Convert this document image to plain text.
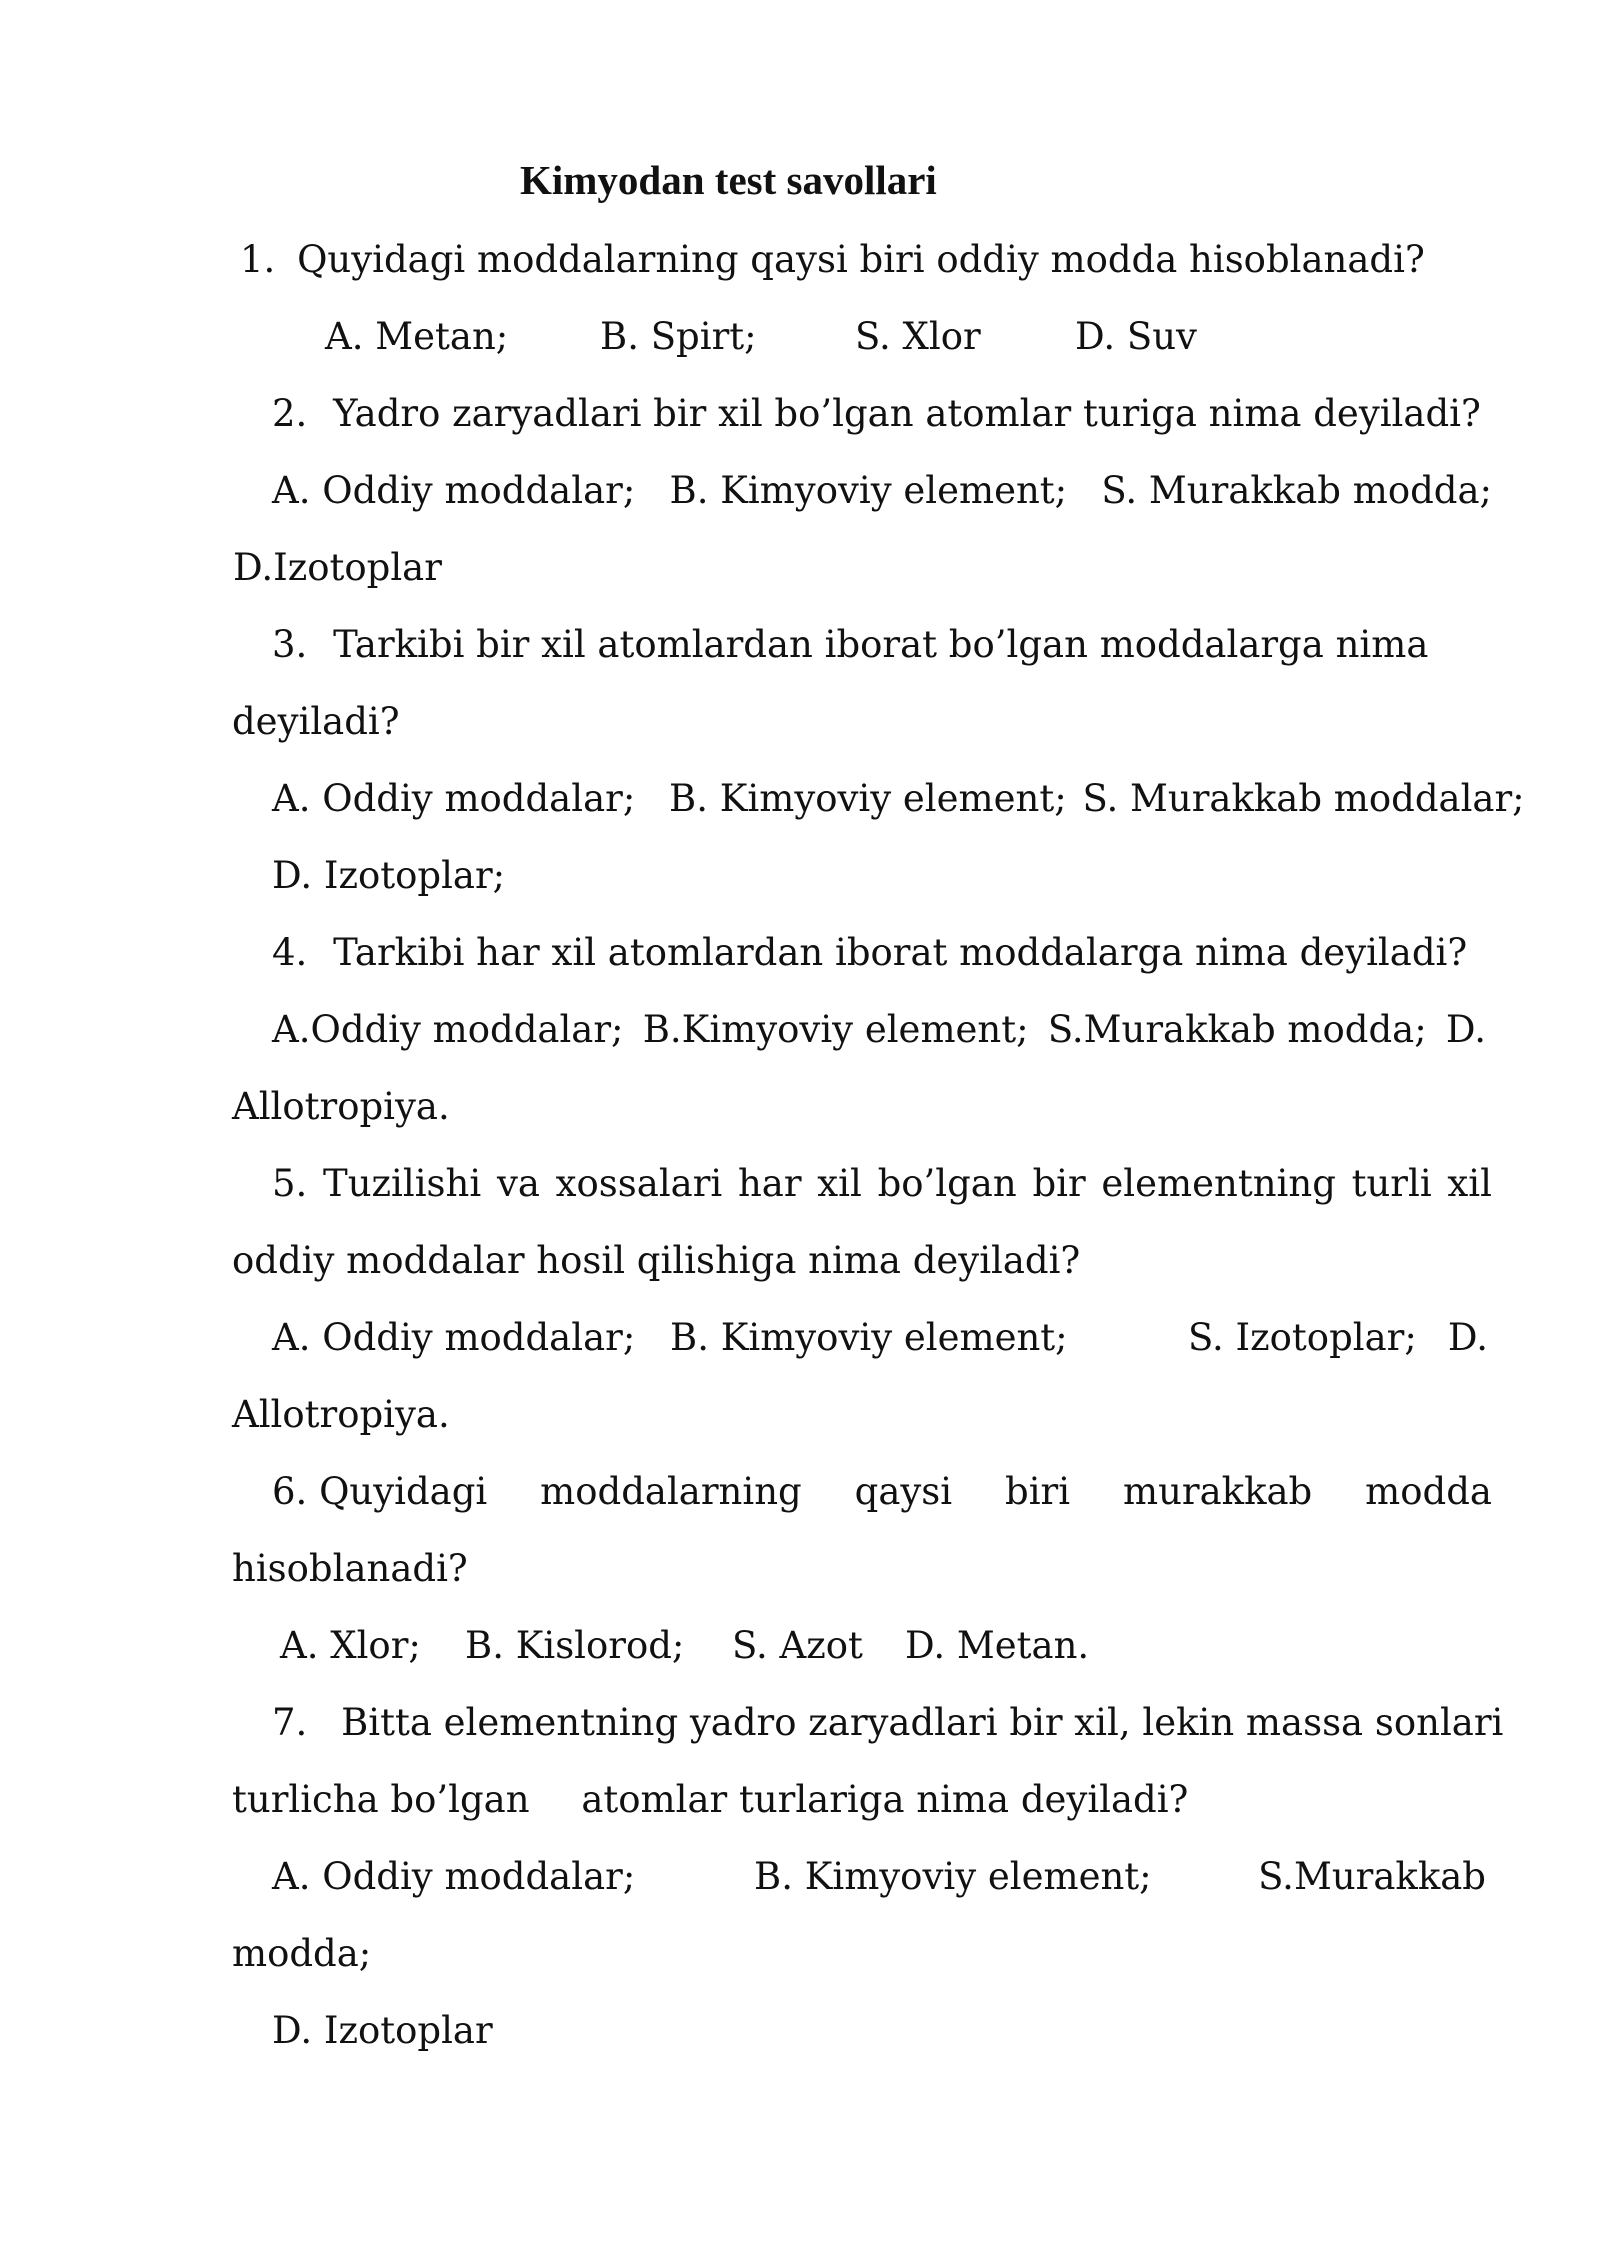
Kimyodan test savollari
1. Quyidagi moddalarning qaysi biri oddiy modda hisoblanadi?
A. Metan; B. Spirt;	S. Xlor	D. Suv
2. Yadro zaryadlari bir xil bo’lgan atomlar turiga nima deyiladi?
A. Oddiy moddalar; B. Kimyoviy element; S. Murakkab modda;
D.Izotoplar
3. Tarkibi bir xil atomlardan iborat bo’lgan moddalarga nima
deyiladi?
A. Oddiy moddalar; B. Kimyoviy element; S. Murakkab moddalar;
D. Izotoplar;
4. Tarkibi har xil atomlardan iborat moddalarga nima deyiladi?
A.Oddiy moddalar; B.Kimyoviy element; S.Murakkab modda; D.
Allotropiya.
5. Tuzilishi va xossalari har xil bo’lgan bir elementning turli xil
oddiy moddalar hosil qilishiga nima deyiladi?
A. Oddiy moddalar; B. Kimyoviy element;	S. Izotoplar; D.
Allotropiya.
6. Quyidagi moddalarning qaysi biri murakkab modda
hisoblanadi?
A. Xlor; B. Kislorod; S. Azot D. Metan.
7. Bitta elementning yadro zaryadlari bir xil, lekin massa sonlari
turlicha bo’lgan atomlar turlariga nima deyiladi?
A. Oddiy moddalar;	B. Kimyoviy element;	S.Murakkab
modda;
D. Izotoplar
